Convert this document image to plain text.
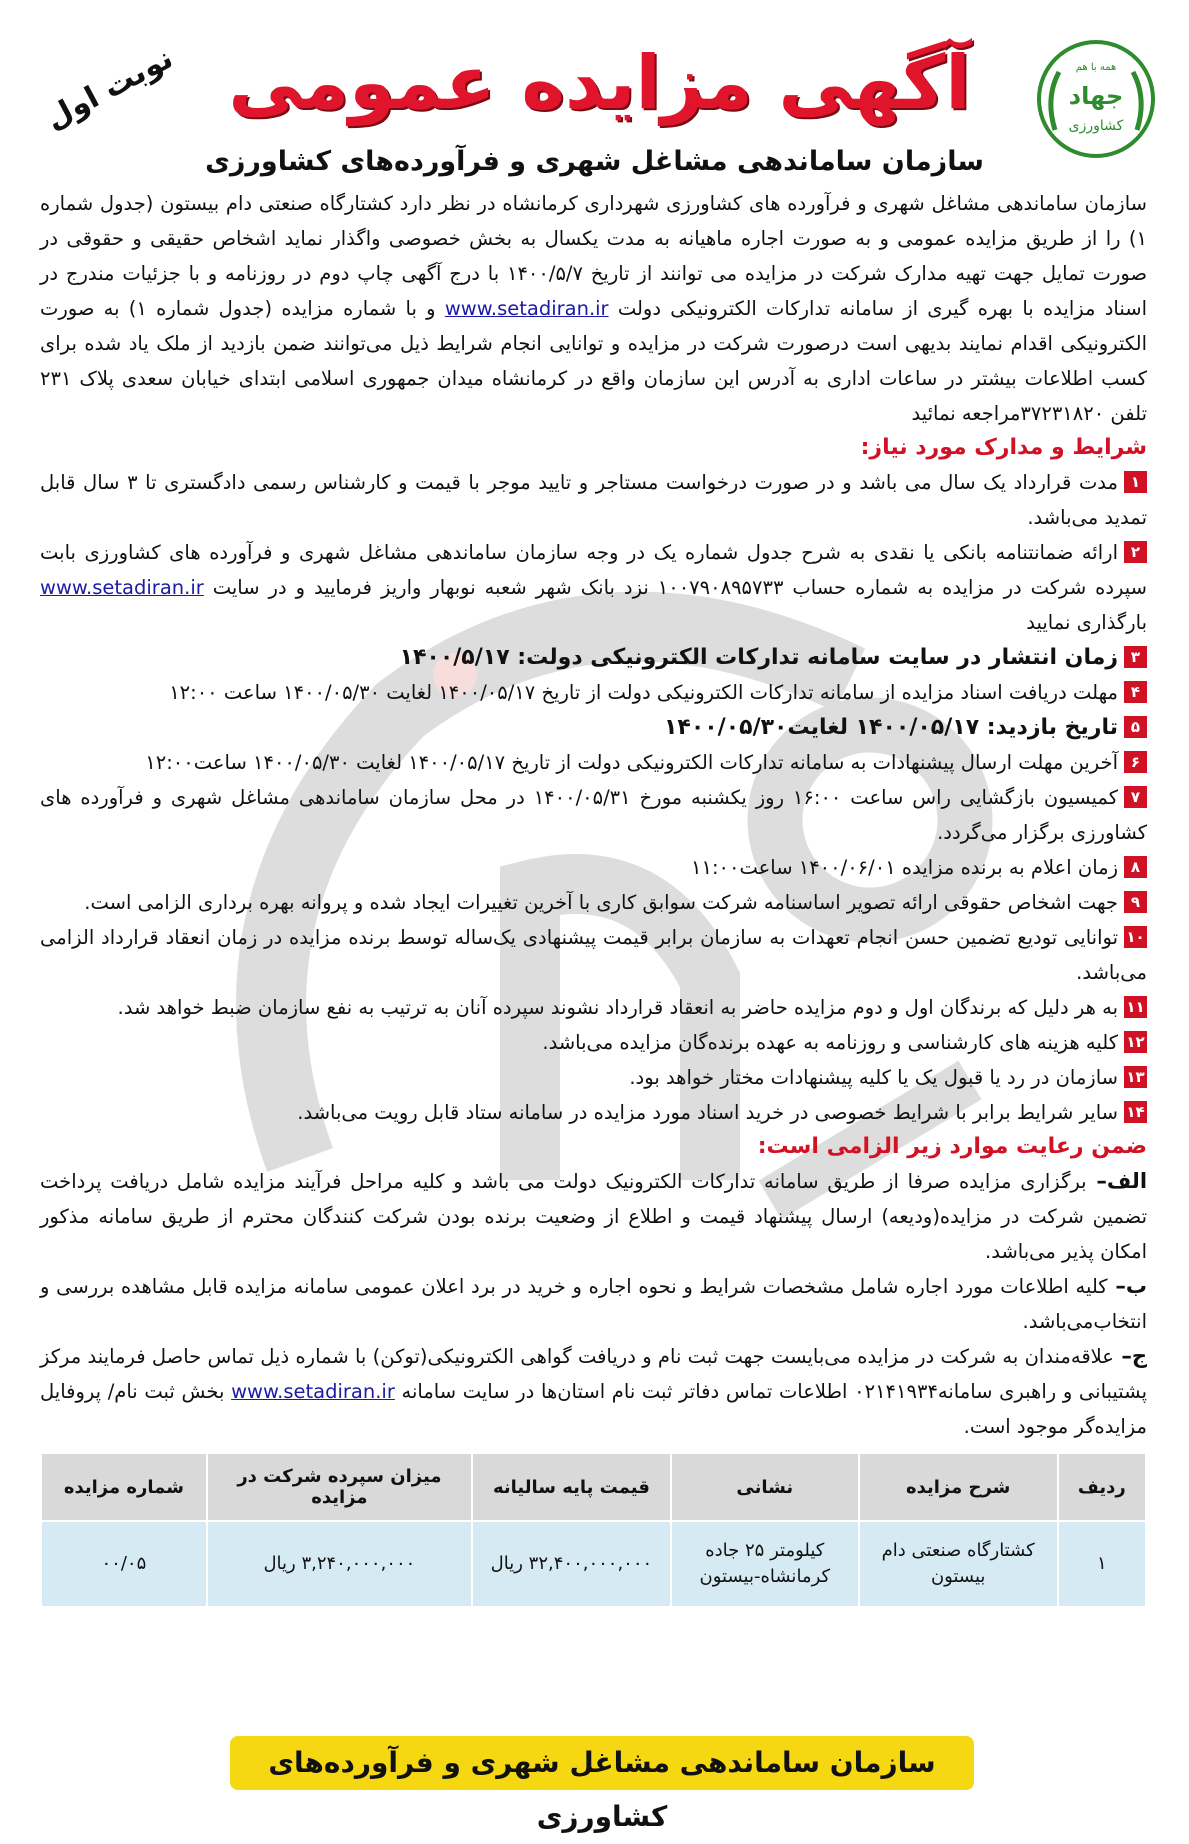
همه با هم
جهاد
کشاورزی
نوبت اول آگهی مزایده عمومی
سازمان ساماندهی مشاغل شهری و فرآورده‌های کشاورزی

سازمان ساماندهی مشاغل شهری و فرآورده های کشاورزی شهرداری کرمانشاه در نظر دارد کشتارگاه صنعتی دام بیستون (جدول شماره ۱) را از طریق مزایده عمومی و به صورت اجاره ماهیانه به مدت یکسال به بخش خصوصی واگذار نماید اشخاص حقیقی و حقوقی در صورت تمایل جهت تهیه مدارک شرکت در مزایده می توانند از تاریخ ۱۴۰۰/۵/۷ با درج آگهی چاپ دوم در روزنامه و با جزئیات مندرج در اسناد مزایده با بهره گیری از سامانه تدارکات الکترونیکی دولت www.setadiran.ir و با شماره مزایده (جدول شماره ۱) به صورت الکترونیکی اقدام نمایند بدیهی است درصورت شرکت در مزایده و توانایی انجام شرایط ذیل می‌توانند ضمن بازدید از ملک یاد شده برای کسب اطلاعات بیشتر در ساعات اداری به آدرس این سازمان واقع در کرمانشاه میدان جمهوری اسلامی ابتدای خیابان سعدی پلاک ۲۳۱ تلفن ۳۷۲۳۱۸۲۰مراجعه نمائید

شرایط و مدارک مورد نیاز:

۱مدت قرارداد یک سال می باشد و در صورت درخواست مستاجر و تایید موجر با قیمت و کارشناس رسمی دادگستری تا ۳ سال قابل تمدید می‌باشد.

۲ارائه ضمانتنامه بانکی یا نقدی به شرح جدول شماره یک در وجه سازمان ساماندهی مشاغل شهری و فرآورده های کشاورزی بابت سپرده شرکت در مزایده به شماره حساب ۱۰۰۷۹۰۸۹۵۷۳۳ نزد بانک شهر شعبه نوبهار واریز فرمایید و در سایت www.setadiran.ir بارگذاری نمایید

۳زمان انتشار در سایت سامانه تدارکات الکترونیکی دولت: ۱۴۰۰/۵/۱۷

۴مهلت دریافت اسناد مزایده از سامانه تدارکات الکترونیکی دولت از تاریخ ۱۴۰۰/۰۵/۱۷ لغایت ۱۴۰۰/۰۵/۳۰ ساعت ۱۲:۰۰

۵تاریخ بازدید: ۱۴۰۰/۰۵/۱۷ لغایت۱۴۰۰/۰۵/۳۰

۶آخرین مهلت ارسال پیشنهادات به سامانه تدارکات الکترونیکی دولت از تاریخ ۱۴۰۰/۰۵/۱۷ لغایت ۱۴۰۰/۰۵/۳۰ ساعت۱۲:۰۰

۷کمیسیون بازگشایی راس ساعت ۱۶:۰۰ روز یکشنبه مورخ ۱۴۰۰/۰۵/۳۱ در محل سازمان ساماندهی مشاغل شهری و فرآورده های کشاورزی برگزار می‌گردد.

۸زمان اعلام به برنده مزایده ۱۴۰۰/۰۶/۰۱ ساعت۱۱:۰۰

۹جهت اشخاص حقوقی ارائه تصویر اساسنامه شرکت سوابق کاری با آخرین تغییرات ایجاد شده و پروانه بهره برداری الزامی است.

۱۰توانایی تودیع تضمین حسن انجام تعهدات به سازمان برابر قیمت پیشنهادی یک‌ساله توسط برنده مزایده در زمان انعقاد قرارداد الزامی می‌باشد.

۱۱به هر دلیل که برندگان اول و دوم مزایده حاضر به انعقاد قرارداد نشوند سپرده آنان به ترتیب به نفع سازمان ضبط خواهد شد.

۱۲کلیه هزینه های کارشناسی و روزنامه به عهده برنده‌گان مزایده می‌باشد.

۱۳سازمان در رد یا قبول یک یا کلیه پیشنهادات مختار خواهد بود.

۱۴سایر شرایط برابر با شرایط خصوصی در خرید اسناد مورد مزایده در سامانه ستاد قابل رویت می‌باشد.

ضمن رعایت موارد زیر الزامی است:

الف– برگزاری مزایده صرفا از طریق سامانه تدارکات الکترونیک دولت می باشد و کلیه مراحل فرآیند مزایده شامل دریافت پرداخت تضمین شرکت در مزایده(ودیعه) ارسال پیشنهاد قیمت و اطلاع از وضعیت برنده بودن شرکت کنندگان محترم از طریق سامانه مذکور امکان پذیر می‌باشد.

ب– کلیه اطلاعات مورد اجاره شامل مشخصات شرایط و نحوه اجاره و خرید در برد اعلان عمومی سامانه مزایده قابل مشاهده بررسی و انتخاب‌می‌باشد.

ج– علاقه‌مندان به شرکت در مزایده می‌بایست جهت ثبت نام و دریافت گواهی الکترونیکی(توکن) با شماره ذیل تماس حاصل فرمایند مرکز پشتیبانی و راهبری سامانه۰۲۱۴۱۹۳۴ اطلاعات تماس دفاتر ثبت نام استان‌ها در سایت سامانه www.setadiran.ir بخش ثبت نام/ پروفایل مزایده‌گر موجود است.

ردیف	شرح مزایده	نشانی	قیمت پایه سالیانه	میزان سپرده شرکت در مزایده	شماره مزایده
۱	کشتارگاه صنعتی دام بیستون	کیلومتر ۲۵ جاده کرمانشاه-بیستون	۳۲,۴۰۰,۰۰۰,۰۰۰ ریال	۳,۲۴۰,۰۰۰,۰۰۰ ریال	۰۰/۰۵
سازمان ساماندهی مشاغل شهری و فرآورده‌های کشاورزی
